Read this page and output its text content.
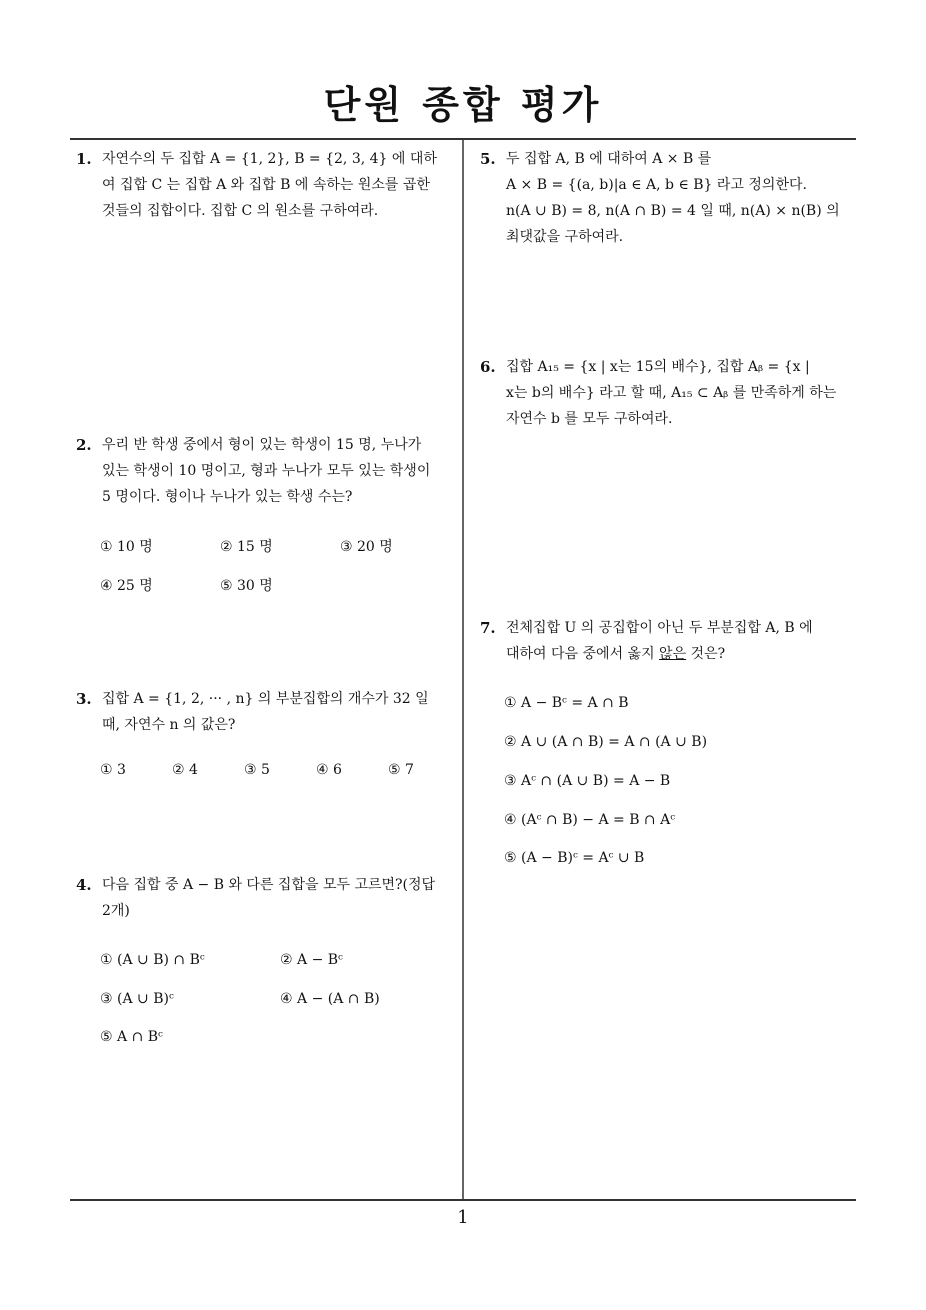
단원 종합 평가
1
1. 자연수의 두 집합 A = {1, 2}, B = {2, 3, 4} 에 대하
여 집합 C 는 집합 A 와 집합 B 에 속하는 원소를 곱한
것들의 집합이다. 집합 C 의 원소를 구하여라.
2. 우리 반 학생 중에서 형이 있는 학생이 15 명, 누나가
있는 학생이 10 명이고, 형과 누나가 모두 있는 학생이
5 명이다. 형이나 누나가 있는 학생 수는?
① 10 명	② 15 명	③ 20 명
④ 25 명	⑤ 30 명
3. 집합 A = {1, 2, ··· , n} 의 부분집합의 개수가 32 일
때, 자연수 n 의 값은?
① 3	② 4	③ 5	④ 6	⑤ 7
4. 다음 집합 중 A − B 와 다른 집합을 모두 고르면?(정답
2개)
① (A ∪ B) ∩ Bᶜ	② A − Bᶜ
③ (A ∪ B)ᶜ	④ A − (A ∩ B)
⑤ A ∩ Bᶜ
5. 두 집합 A, B 에 대하여 A × B 를
A × B = {(a, b)|a ∈ A, b ∈ B} 라고 정의한다.
n(A ∪ B) = 8, n(A ∩ B) = 4 일 때, n(A) × n(B) 의
최댓값을 구하여라.
6. 집합 A₁₅ = {x | x는 15의 배수}, 집합 Aᵦ = {x |
x는 b의 배수} 라고 할 때, A₁₅ ⊂ Aᵦ 를 만족하게 하는
자연수 b 를 모두 구하여라.
7. 전체집합 U 의 공집합이 아닌 두 부분집합 A, B 에
대하여 다음 중에서 옳지 않은 것은?
① A − Bᶜ = A ∩ B
② A ∪ (A ∩ B) = A ∩ (A ∪ B)
③ Aᶜ ∩ (A ∪ B) = A − B
④ (Aᶜ ∩ B) − A = B ∩ Aᶜ
⑤ (A − B)ᶜ = Aᶜ ∪ B
